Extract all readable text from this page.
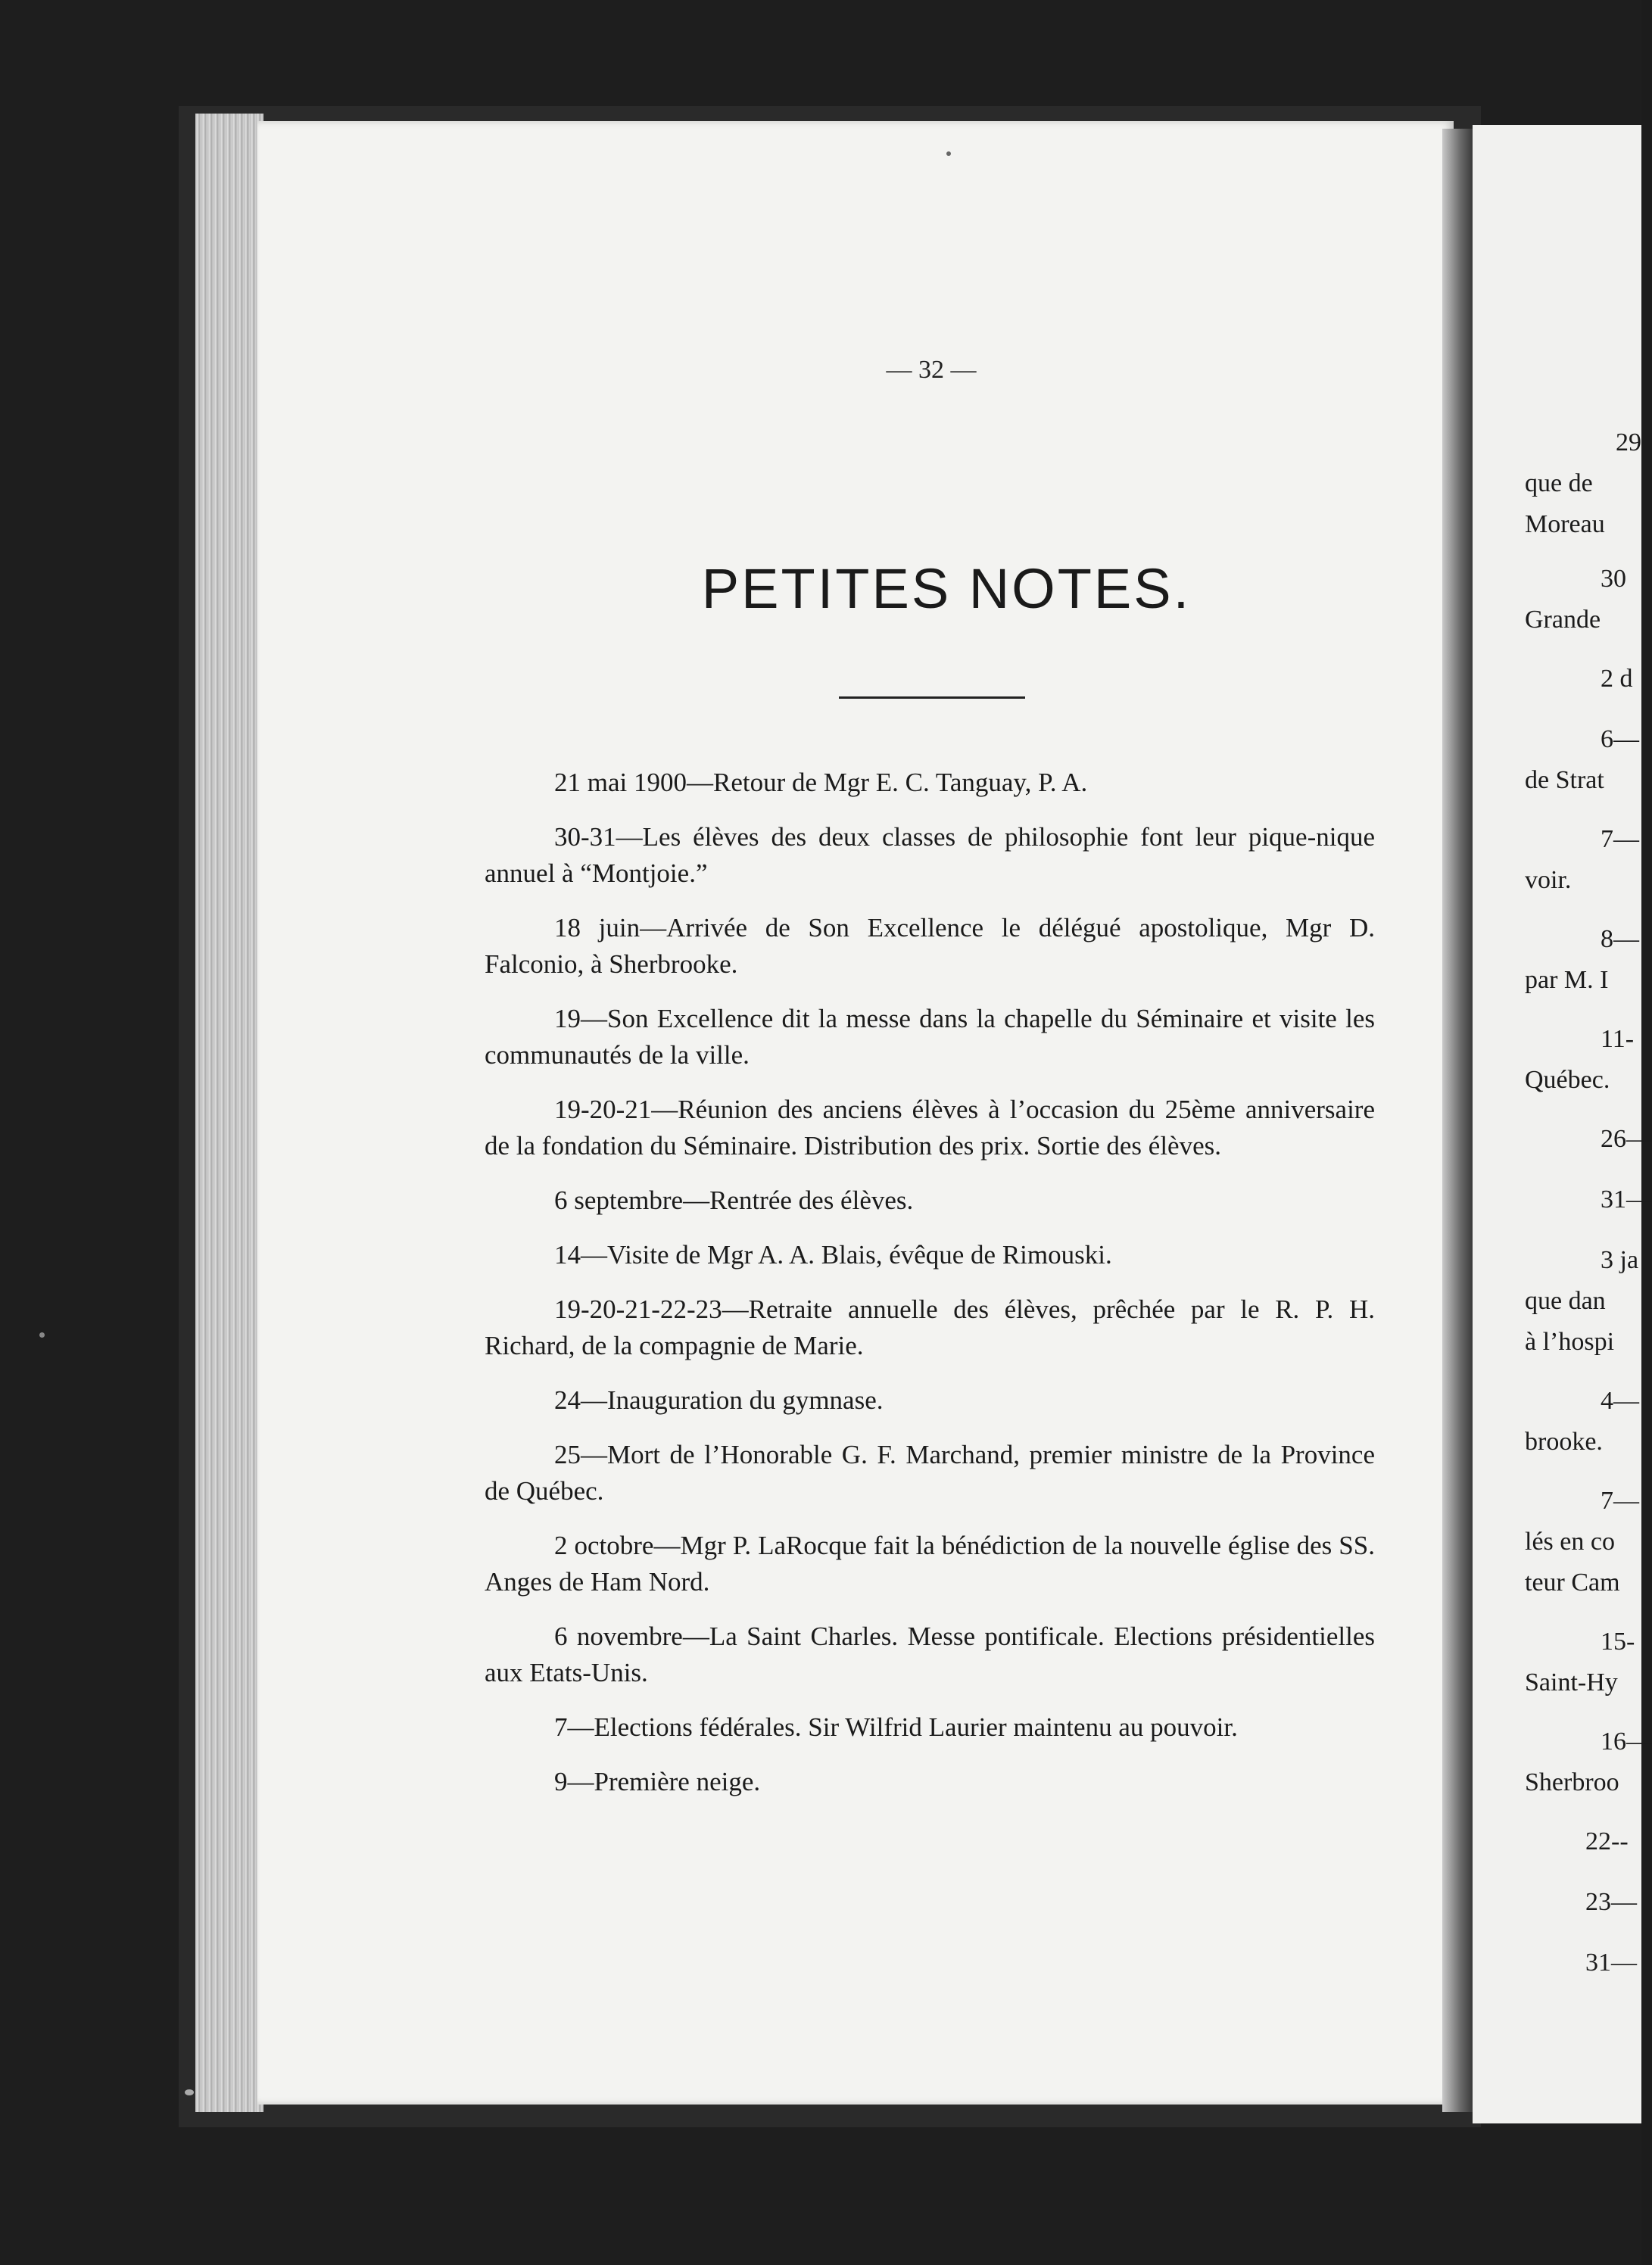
— 32 —
PETITES NOTES.

21 mai 1900—Retour de Mgr E. C. Tanguay, P. A.

30-31—Les élèves des deux classes de philosophie font leur pique-nique annuel à “Montjoie.”

18 juin—Arrivée de Son Excellence le délégué apostolique, Mgr D. Falconio, à Sherbrooke.

19—Son Excellence dit la messe dans la chapelle du Séminaire et visite les communautés de la ville.

19-20-21—Réunion des anciens élèves à l’occasion du 25ème anniversaire de la fondation du Séminaire. Distribution des prix. Sortie des élèves.

6 septembre—Rentrée des élèves.

14—Visite de Mgr A. A. Blais, évêque de Rimouski.

19-20-21-22-23—Retraite annuelle des élèves, prêchée par le R. P. H. Richard, de la compagnie de Marie.

24—Inauguration du gymnase.

25—Mort de l’Honorable G. F. Marchand, premier ministre de la Province de Québec.

2 octobre—Mgr P. LaRocque fait la bénédiction de la nouvelle église des SS. Anges de Ham Nord.

6 novembre—La Saint Charles. Messe pontificale. Elections présidentielles aux Etats-Unis.

7—Elections fédérales. Sir Wilfrid Laurier maintenu au pouvoir.

9—Première neige.

29
que de
Moreau
30
Grande
2 d
6—
de Strat
7—
voir.
8—
par M. I
11-
Québec.
26—
31—
3 ja
que dan
à l’hospi
4—
brooke.
7—
lés en co
teur Cam
15-
Saint-Hy
16—
Sherbroo
22--
23—
31—
